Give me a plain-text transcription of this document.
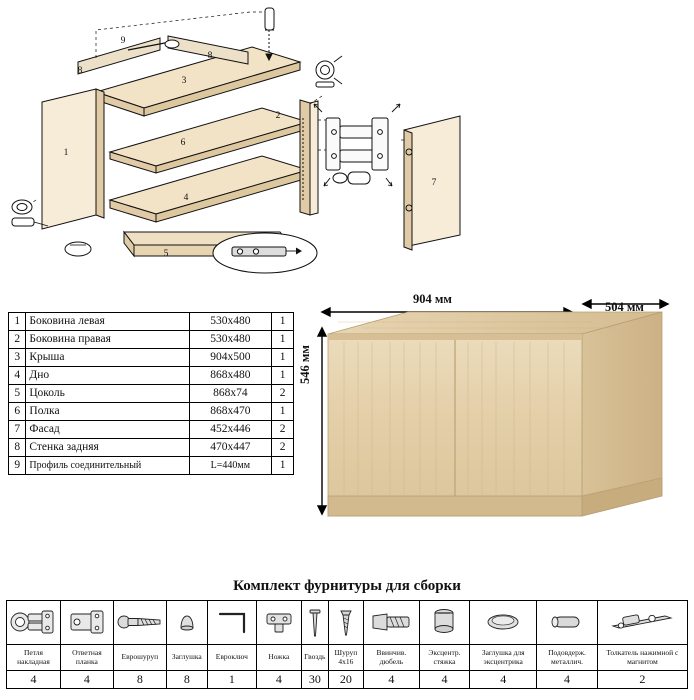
1
2
3
4
5
6
7
8
8
9
1	Боковина левая	530х480	1
2	Боковина правая	530х480	1
3	Крыша	904х500	1
4	Дно	868х480	1
5	Цоколь	868х74	2
6	Полка	868х470	1
7	Фасад	452х446	2
8	Стенка задняя	470х447	2
9	Профиль соединительный	L=440мм	1
904 мм
504 мм
546 мм
Комплект фурнитуры для сборки

Петля накладная	Ответная планка	Еврошуруп	Заглушка	Евроключ	Ножка	Гвоздь	Шуруп 4х16	Ввинчив. дюбель	Эксцентр. стяжка	Заглушка для эксцентрика	Подовдерж. металлич.	Толкатель нажимной с магнитом
4	4	8	8	1	4	30	20	4	4	4	4	2
